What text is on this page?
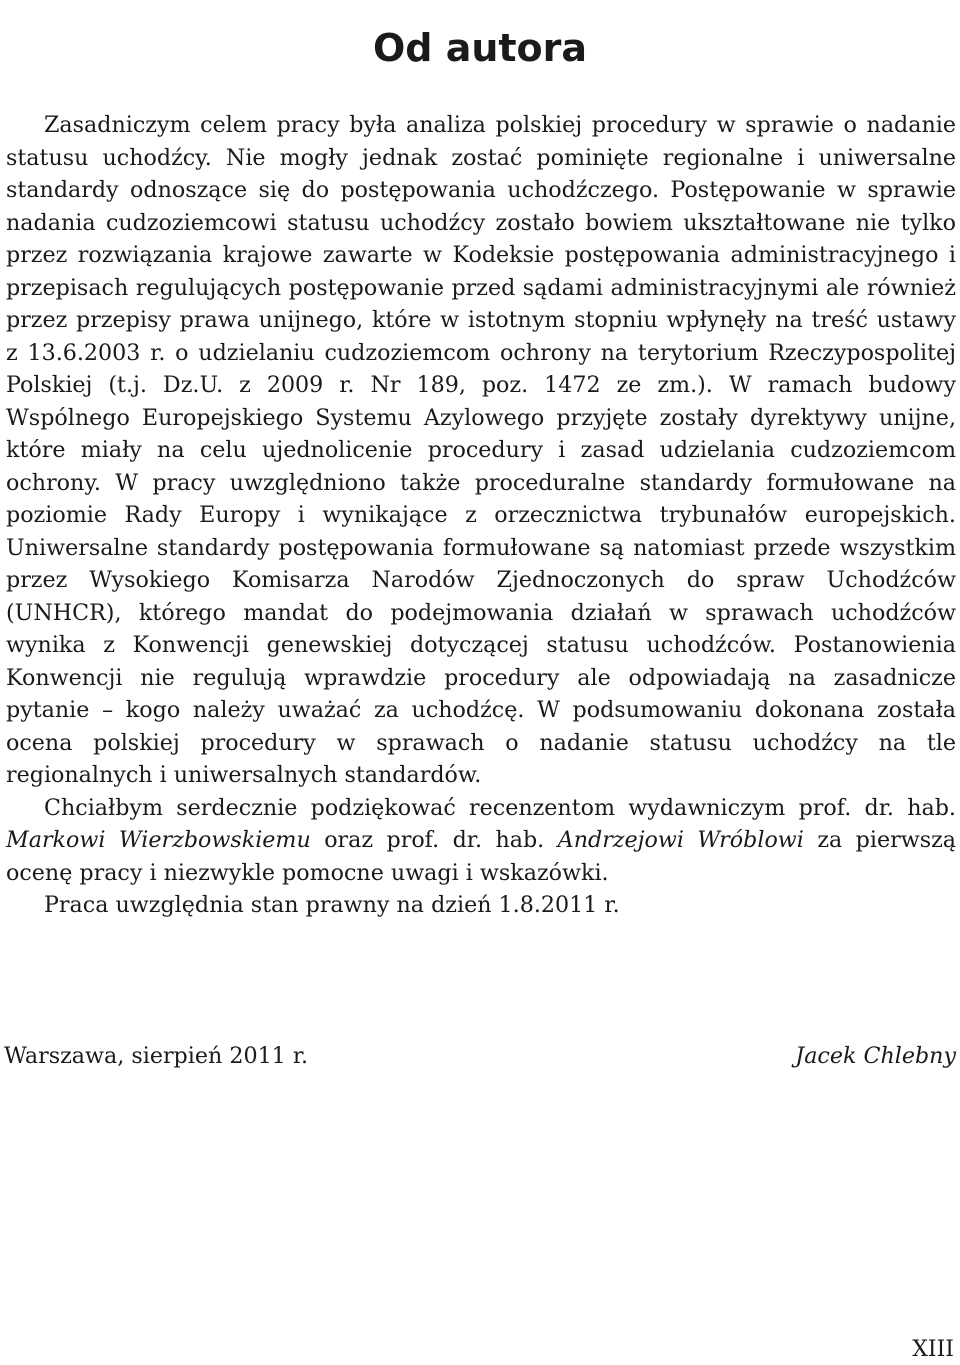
Od autora

Zasadniczym celem pracy była analiza polskiej procedury w sprawie o nadanie statusu uchodźcy. Nie mogły jednak zostać pominięte regionalne i uniwersalne standardy odnoszące się do postępowania uchodźczego. Postępowanie w sprawie nadania cudzoziemcowi statusu uchodźcy zostało bowiem ukształtowane nie tylko przez rozwiązania krajowe zawarte w Kodeksie postępowania administracyjnego i przepisach regulujących postępowanie przed sądami administracyjnymi ale również przez przepisy prawa unijnego, które w istotnym stopniu wpłynęły na treść ustawy z 13.6.2003 r. o udzielaniu cudzoziemcom ochrony na terytorium Rzeczypospolitej Polskiej (t.j. Dz.U. z 2009 r. Nr 189, poz. 1472 ze zm.). W ramach budowy Wspólnego Europejskiego Systemu Azylowego przyjęte zostały dyrektywy unijne, które miały na celu ujednolicenie procedury i zasad udzielania cudzoziemcom ochrony. W pracy uwzględniono także proceduralne standardy formułowane na poziomie Rady Europy i wynikające z orzecznictwa trybunałów europejskich. Uniwersalne standardy postępowania formułowane są natomiast przede wszystkim przez Wysokiego Komisarza Narodów Zjednoczonych do spraw Uchodźców (UNHCR), którego mandat do podejmowania działań w sprawach uchodźców wynika z Konwencji genewskiej dotyczącej statusu uchodźców. Postanowienia Konwencji nie regulują wprawdzie procedury ale odpowiadają na zasadnicze pytanie – kogo należy uważać za uchodźcę. W podsumowaniu dokonana została ocena polskiej procedury w sprawach o nadanie statusu uchodźcy na tle regionalnych i uniwersalnych standardów.

Chciałbym serdecznie podziękować recenzentom wydawniczym prof. dr. hab. Markowi Wierzbowskiemu oraz prof. dr. hab. Andrzejowi Wróblowi za pierwszą ocenę pracy i niezwykle pomocne uwagi i wskazówki.

Praca uwzględnia stan prawny na dzień 1.8.2011 r.

Warszawa, sierpień 2011 r.	Jacek Chlebny
XIII
